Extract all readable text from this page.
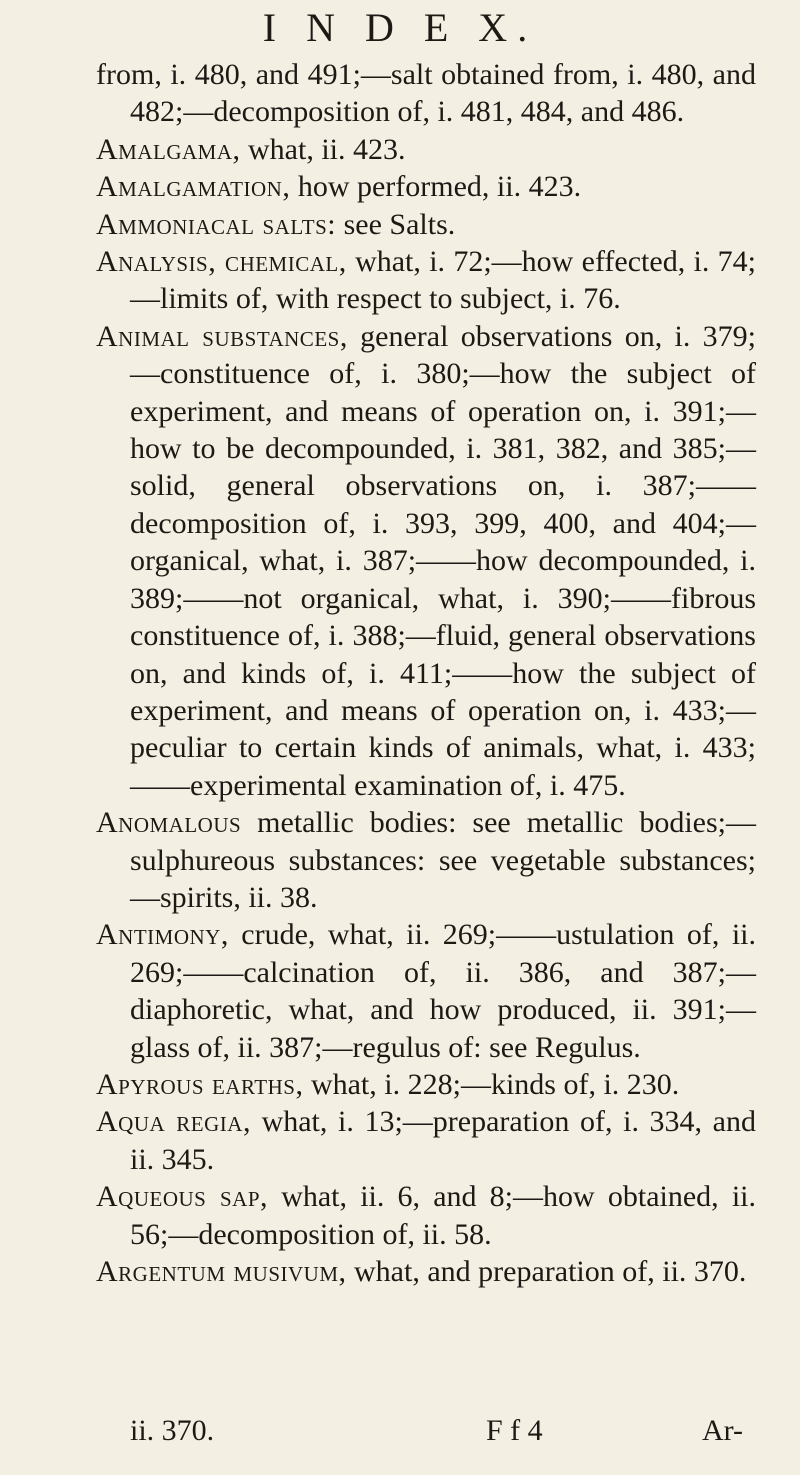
I N D E X.

from, i. 480, and 491;—salt obtained from, i. 480, and 482;—decomposition of, i. 481, 484, and 486.

Amalgama, what, ii. 423.

Amalgamation, how performed, ii. 423.

Ammoniacal salts: see Salts.

Analysis, chemical, what, i. 72;—how effected, i. 74;—limits of, with respect to subject, i. 76.

Animal substances, general observations on, i. 379;—constituence of, i. 380;—how the subject of experiment, and means of operation on, i. 391;—how to be decompounded, i. 381, 382, and 385;—solid, general observations on, i. 387;——decomposition of, i. 393, 399, 400, and 404;—organical, what, i. 387;——how decompounded, i. 389;——not organical, what, i. 390;——fibrous constituence of, i. 388;—fluid, general observations on, and kinds of, i. 411;——how the subject of experiment, and means of operation on, i. 433;—peculiar to certain kinds of animals, what, i. 433;——experimental examination of, i. 475.

Anomalous metallic bodies: see metallic bodies;—sulphureous substances: see vegetable substances;—spirits, ii. 38.

Antimony, crude, what, ii. 269;——ustulation of, ii. 269;——calcination of, ii. 386, and 387;—diaphoretic, what, and how produced, ii. 391;—glass of, ii. 387;—regulus of: see Regulus.

Apyrous earths, what, i. 228;—kinds of, i. 230.

Aqua regia, what, i. 13;—preparation of, i. 334, and ii. 345.

Aqueous sap, what, ii. 6, and 8;—how obtained, ii. 56;—decomposition of, ii. 58.

Argentum musivum, what, and preparation of, ii. 370.

ii. 370.	F f 4	Ar-
